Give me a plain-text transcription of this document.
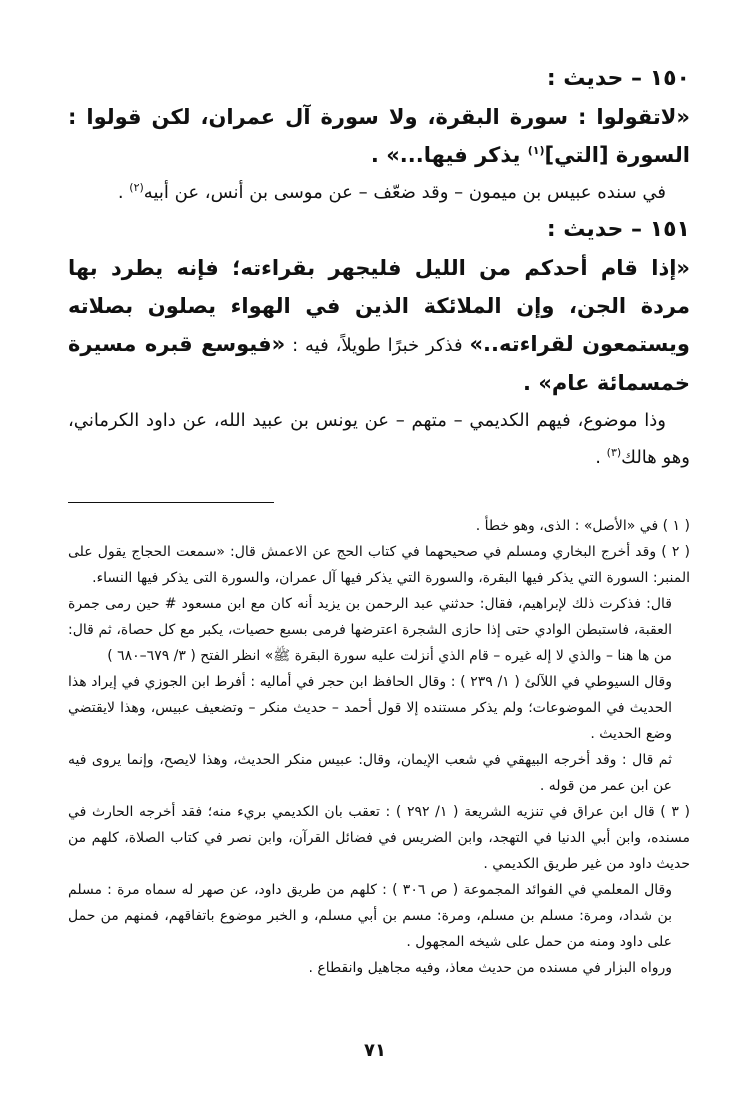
١٥٠ – حديث :

«لاتقولوا : سورة البقرة، ولا سورة آل عمران، لكن قولوا : السورة [التي]$^{(١)}$ يذكر فيها...» .

في سنده عبيس بن ميمون – وقد ضعّف – عن موسى بن أنس، عن أبيه$^{(٢)}$ .

١٥١ – حديث :

«إذا قام أحدكم من الليل فليجهر بقراءته؛ فإنه يطرد بها مردة الجن، وإن الملائكة الذين في الهواء يصلون بصلاته ويستمعون لقراءته..» فذكر خبرًا طويلاً، فيه : «فيوسع قبره مسيرة خمسمائة عام» .

وذا موضوع، فيهم الكديمي – متهم – عن يونس بن عبيد الله، عن داود الكرماني، وهو هالك$^{(٣)}$ .

( ١ ) في «الأصل» : الذى، وهو خطأ .

( ٢ ) وقد أخرج البخاري ومسلم في صحيحهما في كتاب الحج عن الاعمش قال: «سمعت الحجاج يقول على المنبر: السورة التي يذكر فيها البقرة، والسورة التي يذكر فيها آل عمران، والسورة التى يذكر فيها النساء.

قال: فذكرت ذلك لإبراهيم، فقال: حدثني عبد الرحمن بن يزيد أنه كان مع ابن مسعود # حين رمى جمرة العقبة، فاستبطن الوادي حتى إذا حازى الشجرة اعترضها فرمى بسبع حصيات، يكبر مع كل حصاة، ثم قال: من ها هنا – والذي لا إله غيره – قام الذي أنزلت عليه سورة البقرة ﷺ» انظر الفتح ( ٣/ ٦٧٩–٦٨٠ )

وقال السيوطي في اللآلئ ( ١/ ٢٣٩ ) : وقال الحافظ ابن حجر في أماليه : أفرط ابن الجوزي في إيراد هذا الحديث في الموضوعات؛ ولم يذكر مستنده إلا قول أحمد – حديث منكر – وتضعيف عبيس، وهذا لايقتضي وضع الحديث .

ثم قال : وقد أخرجه البيهقي في شعب الإيمان، وقال: عبيس منكر الحديث، وهذا لايصح، وإنما يروى فيه عن ابن عمر من قوله .

( ٣ ) قال ابن عراق في تنزيه الشريعة ( ١/ ٢٩٢ ) : تعقب بان الكديمي بريء منه؛ فقد أخرجه الحارث في مسنده، وابن أبي الدنيا في التهجد، وابن الضريس في فضائل القرآن، وابن نصر في كتاب الصلاة، كلهم من حديث داود من غير طريق الكديمي .

وقال المعلمي في الفوائد المجموعة ( ص ٣٠٦ ) : كلهم من طريق داود، عن صهر له سماه مرة : مسلم بن شداد، ومرة: مسلم بن مسلم، ومرة: مسم بن أبي مسلم، و الخبر موضوع باتفاقهم، فمنهم من حمل على داود ومنه من حمل على شيخه المجهول .

ورواه البزار في مسنده من حديث معاذ، وفيه مجاهيل وانقطاع .

٧١
